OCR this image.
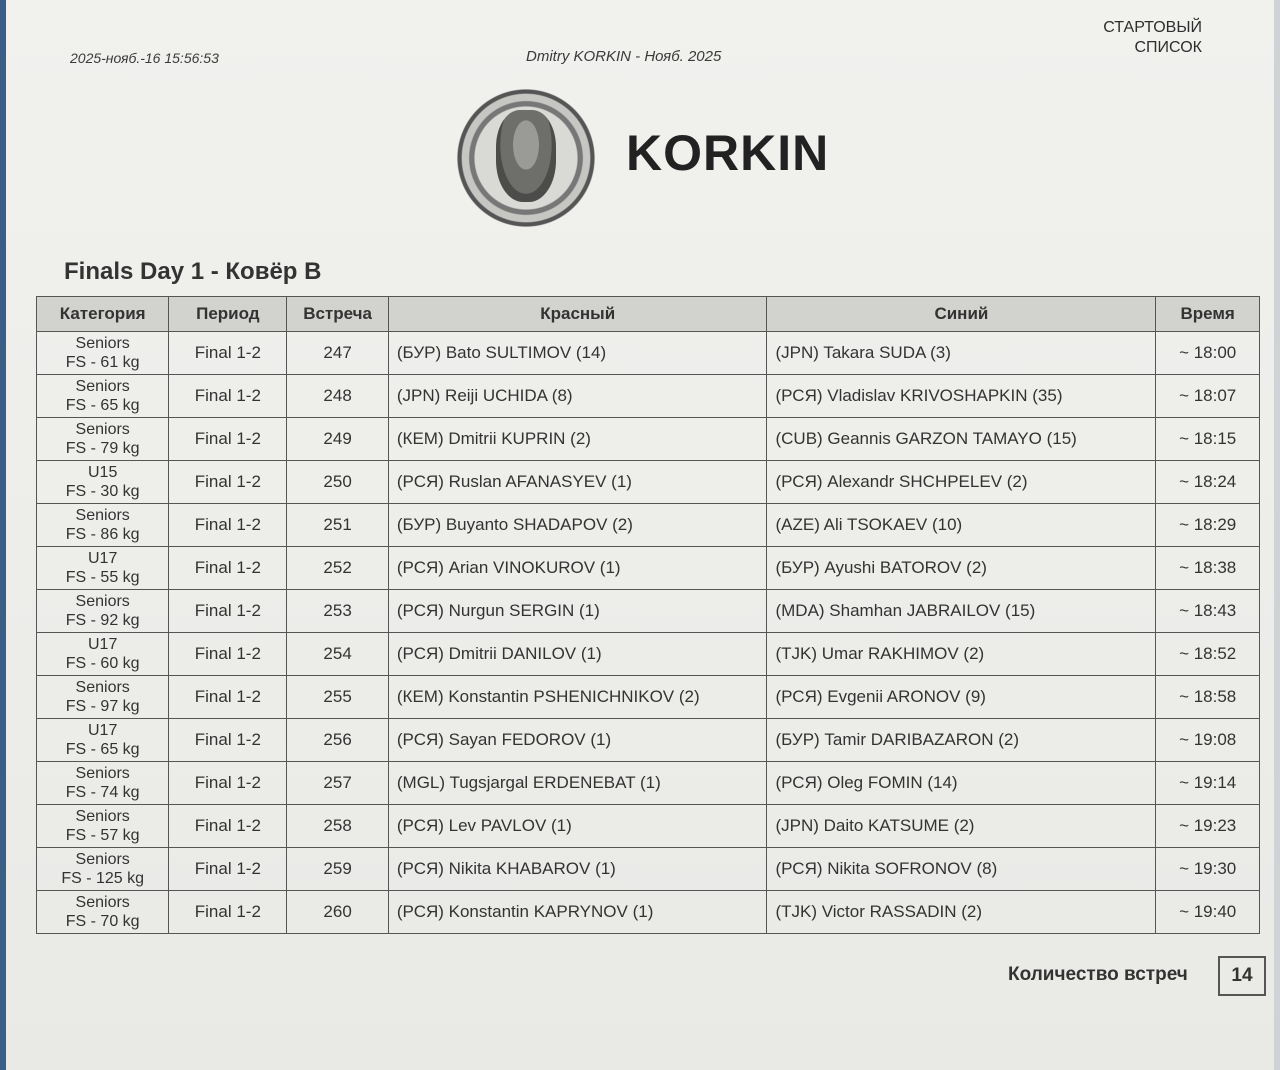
2025-нояб.-16 15:56:53	Dmitry KORKIN - Нояб. 2025
СТАРТОВЫЙ
СПИСОК
KORKIN
Finals Day 1 - Ковёр B
Категория	Период	Встреча	Красный	Синий	Время

Seniors
FS - 61 kg	Final 1-2	247	(БУР) Bato SULTIMOV (14)	(JPN) Takara SUDA (3)	~ 18:00

Seniors
FS - 65 kg	Final 1-2	248	(JPN) Reiji UCHIDA (8)	(РСЯ) Vladislav KRIVOSHAPKIN (35)	~ 18:07

Seniors
FS - 79 kg	Final 1-2	249	(КЕМ) Dmitrii KUPRIN (2)	(CUB) Geannis GARZON TAMAYO (15)	~ 18:15

U15
FS - 30 kg	Final 1-2	250	(РСЯ) Ruslan AFANASYEV (1)	(РСЯ) Alexandr SHCHPELEV (2)	~ 18:24

Seniors
FS - 86 kg	Final 1-2	251	(БУР) Buyanto SHADAPOV (2)	(AZE) Ali TSOKAEV (10)	~ 18:29

U17
FS - 55 kg	Final 1-2	252	(РСЯ) Arian VINOKUROV (1)	(БУР) Ayushi BATOROV (2)	~ 18:38

Seniors
FS - 92 kg	Final 1-2	253	(РСЯ) Nurgun SERGIN (1)	(MDA) Shamhan JABRAILOV (15)	~ 18:43

U17
FS - 60 kg	Final 1-2	254	(РСЯ) Dmitrii DANILOV (1)	(TJK) Umar RAKHIMOV (2)	~ 18:52

Seniors
FS - 97 kg	Final 1-2	255	(КЕМ) Konstantin PSHENICHNIKOV (2)	(РСЯ) Evgenii ARONOV (9)	~ 18:58

U17
FS - 65 kg	Final 1-2	256	(РСЯ) Sayan FEDOROV (1)	(БУР) Tamir DARIBAZARON (2)	~ 19:08

Seniors
FS - 74 kg	Final 1-2	257	(MGL) Tugsjargal ERDENEBAT (1)	(РСЯ) Oleg FOMIN (14)	~ 19:14

Seniors
FS - 57 kg	Final 1-2	258	(РСЯ) Lev PAVLOV (1)	(JPN) Daito KATSUME (2)	~ 19:23

Seniors
FS - 125 kg	Final 1-2	259	(РСЯ) Nikita KHABAROV (1)	(РСЯ) Nikita SOFRONOV (8)	~ 19:30

Seniors
FS - 70 kg	Final 1-2	260	(РСЯ) Konstantin KAPRYNOV (1)	(TJK) Victor RASSADIN (2)	~ 19:40
Количество встреч	14
